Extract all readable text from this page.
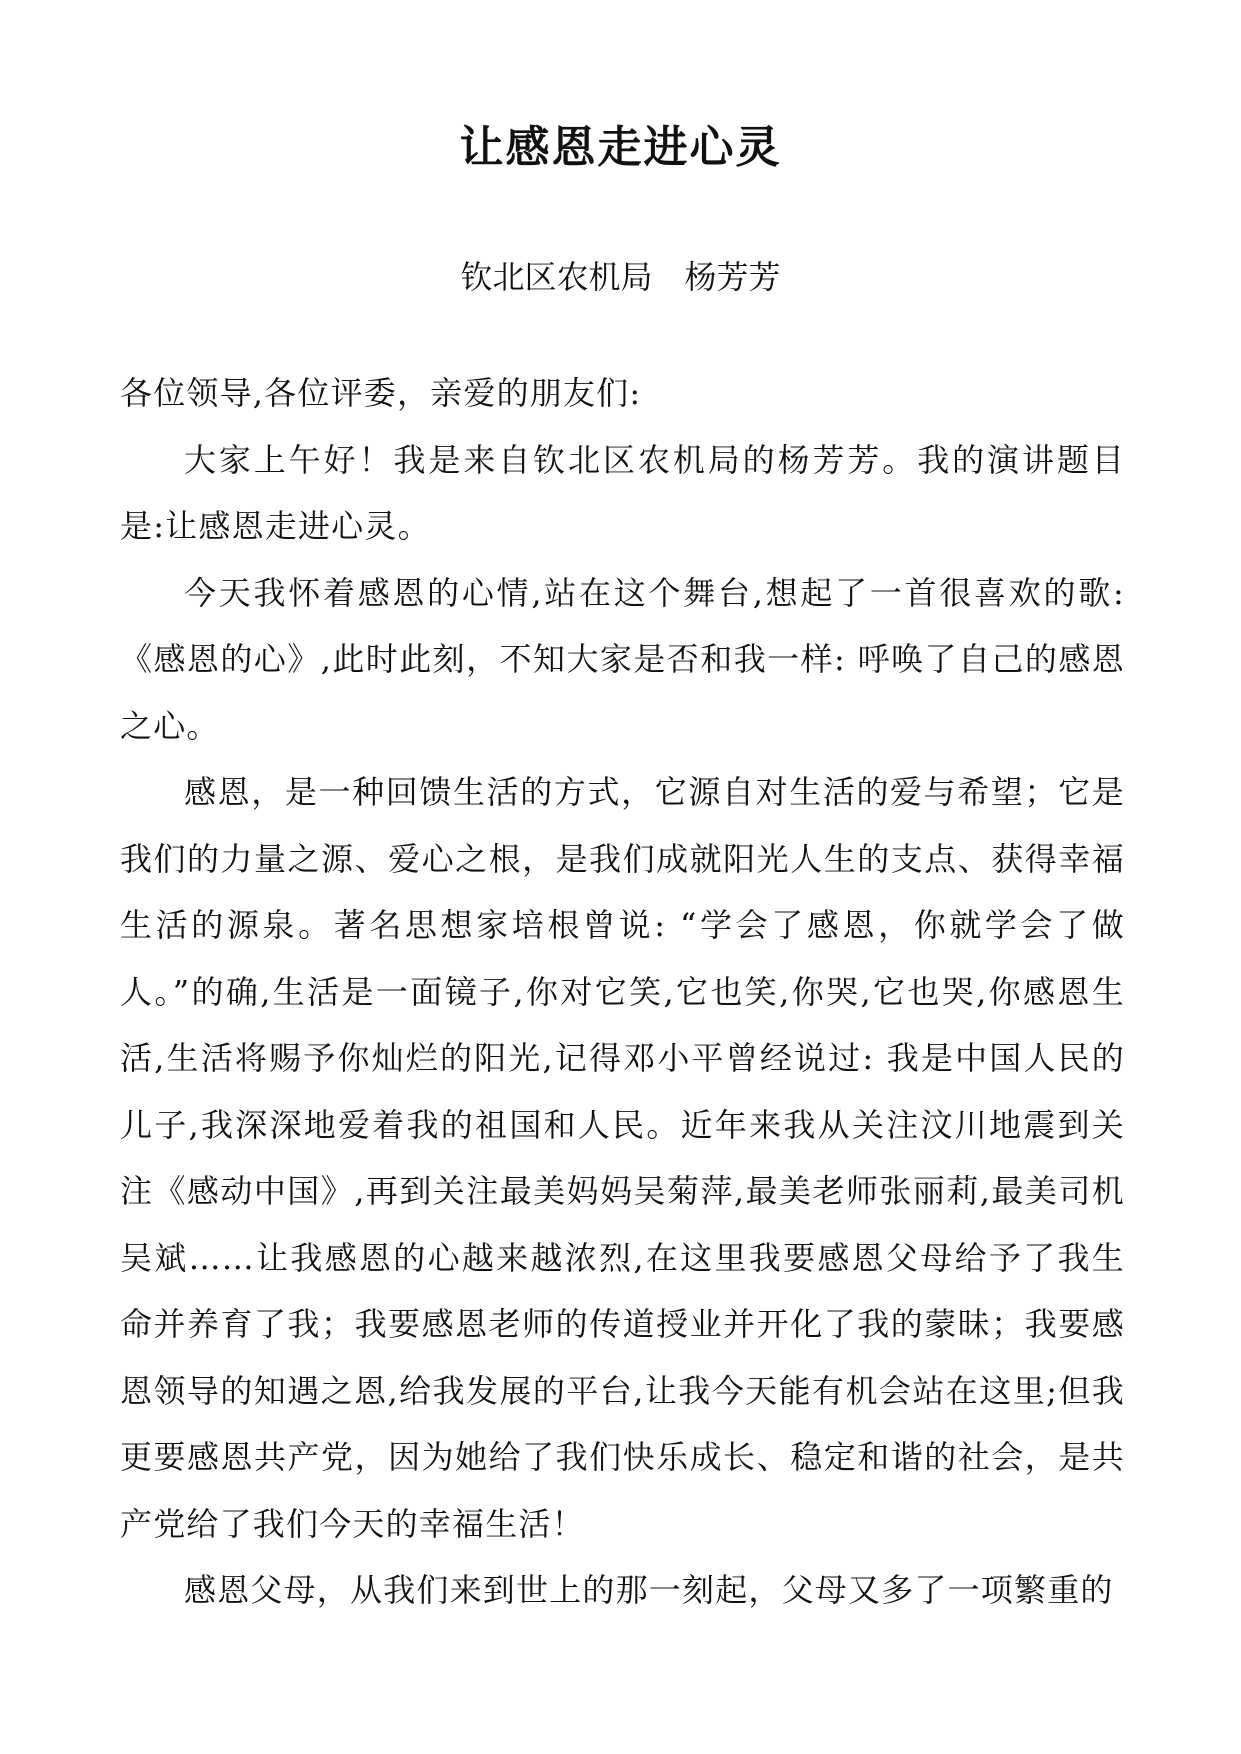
让感恩走进心灵
钦北区农机局　杨芳芳

各位领导,各位评委，亲爱的朋友们:

大家上午好！我是来自钦北区农机局的杨芳芳。我的演讲题目是:让感恩走进心灵。

今天我怀着感恩的心情,站在这个舞台,想起了一首很喜欢的歌:《感恩的心》,此时此刻，不知大家是否和我一样: 呼唤了自己的感恩之心。

感恩，是一种回馈生活的方式，它源自对生活的爱与希望；它是我们的力量之源、爱心之根，是我们成就阳光人生的支点、获得幸福生活的源泉。著名思想家培根曾说: “学会了感恩，你就学会了做人。”的确,生活是一面镜子,你对它笑,它也笑,你哭,它也哭,你感恩生活,生活将赐予你灿烂的阳光,记得邓小平曾经说过: 我是中国人民的儿子,我深深地爱着我的祖国和人民。近年来我从关注汶川地震到关注《感动中国》,再到关注最美妈妈吴菊萍,最美老师张丽莉,最美司机吴斌……让我感恩的心越来越浓烈,在这里我要感恩父母给予了我生命并养育了我；我要感恩老师的传道授业并开化了我的蒙昧；我要感恩领导的知遇之恩,给我发展的平台,让我今天能有机会站在这里;但我更要感恩共产党，因为她给了我们快乐成长、稳定和谐的社会，是共产党给了我们今天的幸福生活！

感恩父母，从我们来到世上的那一刻起，父母又多了一项繁重的
